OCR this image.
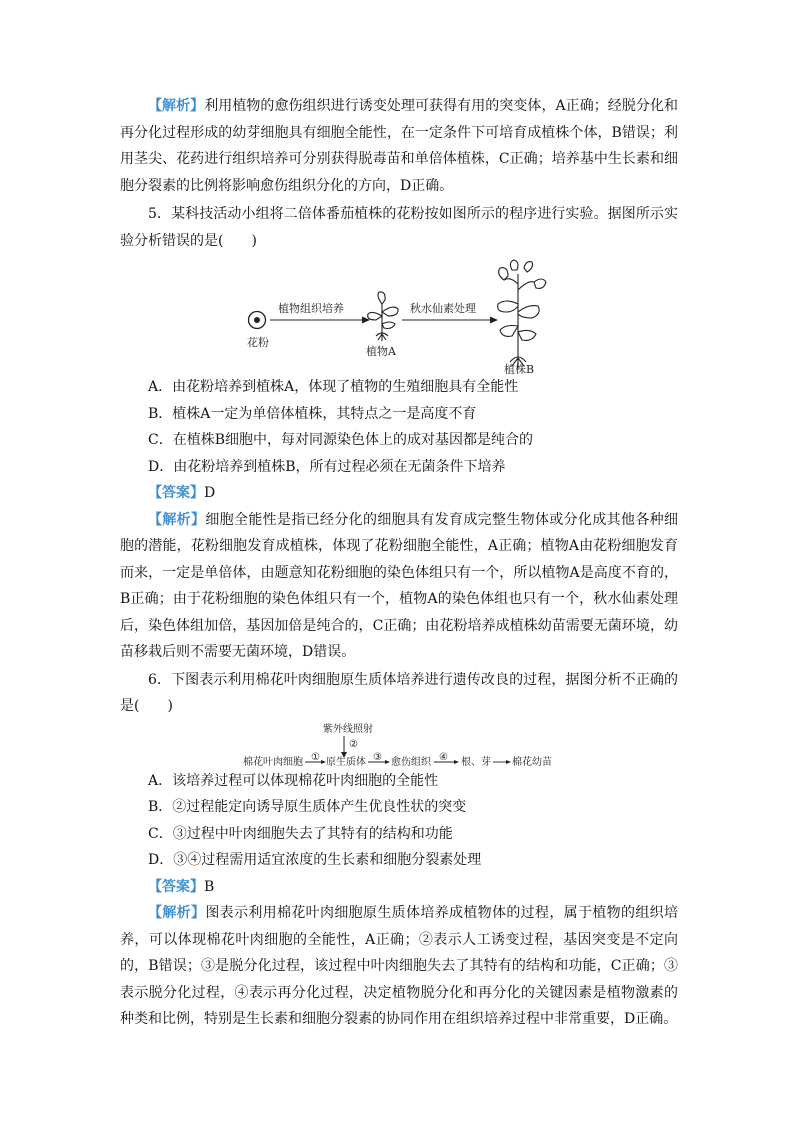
【解析】利用植物的愈伤组织进行诱变处理可获得有用的突变体，A正确；经脱分化和再分化过程形成的幼芽细胞具有细胞全能性，在一定条件下可培育成植株个体，B错误；利用茎尖、花药进行组织培养可分别获得脱毒苗和单倍体植株，C正确；培养基中生长素和细胞分裂素的比例将影响愈伤组织分化的方向，D正确。

5．某科技活动小组将二倍体番茄植株的花粉按如图所示的程序进行实验。据图所示实验分析错误的是(　　)

花粉
植物组织培养
植物A
秋水仙素处理
植株B

A．由花粉培养到植株A，体现了植物的生殖细胞具有全能性

B．植株A一定为单倍体植株，其特点之一是高度不育

C．在植株B细胞中，每对同源染色体上的成对基因都是纯合的

D．由花粉培养到植株B，所有过程必须在无菌条件下培养

【答案】D

【解析】细胞全能性是指已经分化的细胞具有发育成完整生物体或分化成其他各种细胞的潜能，花粉细胞发育成植株，体现了花粉细胞全能性，A正确；植物A由花粉细胞发育而来，一定是单倍体，由题意知花粉细胞的染色体组只有一个，所以植物A是高度不育的，B正确；由于花粉细胞的染色体组只有一个，植物A的染色体组也只有一个，秋水仙素处理后，染色体组加倍，基因加倍是纯合的，C正确；由花粉培养成植株幼苗需要无菌环境，幼苗移栽后则不需要无菌环境，D错误。

6．下图表示利用棉花叶肉细胞原生质体培养进行遗传改良的过程，据图分析不正确的是(　　)

紫外线照射
②
棉花叶肉细胞 ① 原生质体 ③ 愈伤组织 ④ 根、芽 棉花幼苗

A．该培养过程可以体现棉花叶肉细胞的全能性

B．②过程能定向诱导原生质体产生优良性状的突变

C．③过程中叶肉细胞失去了其特有的结构和功能

D．③④过程需用适宜浓度的生长素和细胞分裂素处理

【答案】B

【解析】图表示利用棉花叶肉细胞原生质体培养成植物体的过程，属于植物的组织培养，可以体现棉花叶肉细胞的全能性，A正确；②表示人工诱变过程，基因突变是不定向的，B错误；③是脱分化过程，该过程中叶肉细胞失去了其特有的结构和功能，C正确；③表示脱分化过程，④表示再分化过程，决定植物脱分化和再分化的关键因素是植物激素的种类和比例，特别是生长素和细胞分裂素的协同作用在组织培养过程中非常重要，D正确。
